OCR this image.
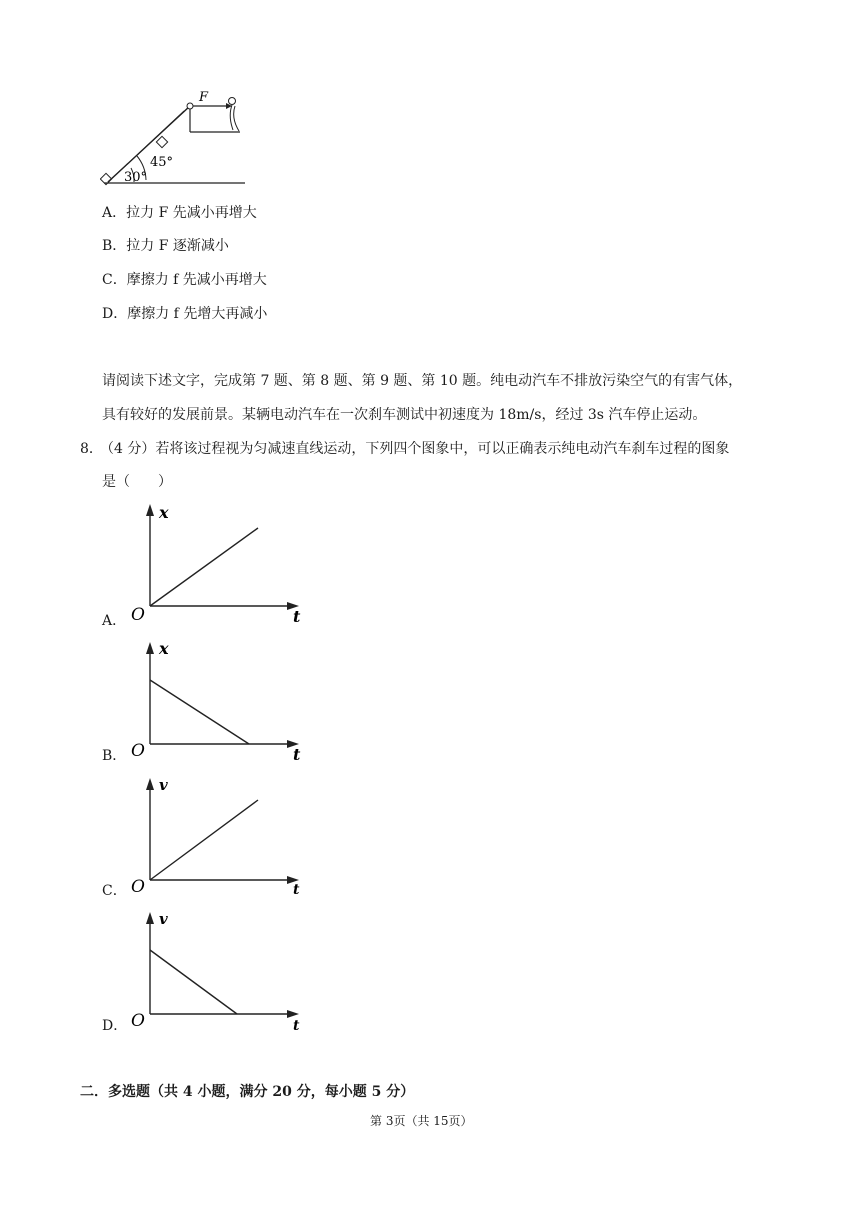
F
45°
30°
A．拉力 F 先减小再增大
B．拉力 F 逐渐减小
C．摩擦力 f 先减小再增大
D．摩擦力 f 先增大再减小
请阅读下述文字，完成第 7 题、第 8 题、第 9 题、第 10 题。纯电动汽车不排放污染空气的有害气体，
具有较好的发展前景。某辆电动汽车在一次刹车测试中初速度为 18m/s，经过 3s 汽车停止运动。
8．
（4 分）若将该过程视为匀减速直线运动，下列四个图象中，可以正确表示纯电动汽车刹车过程的图象
是（　　）
A．
x
t
O
B．
x
t
O
C．
v
t
O
D．
v
t
O
二．多选题（共 4 小题，满分 20 分，每小题 5 分）
第 3页（共 15页）
